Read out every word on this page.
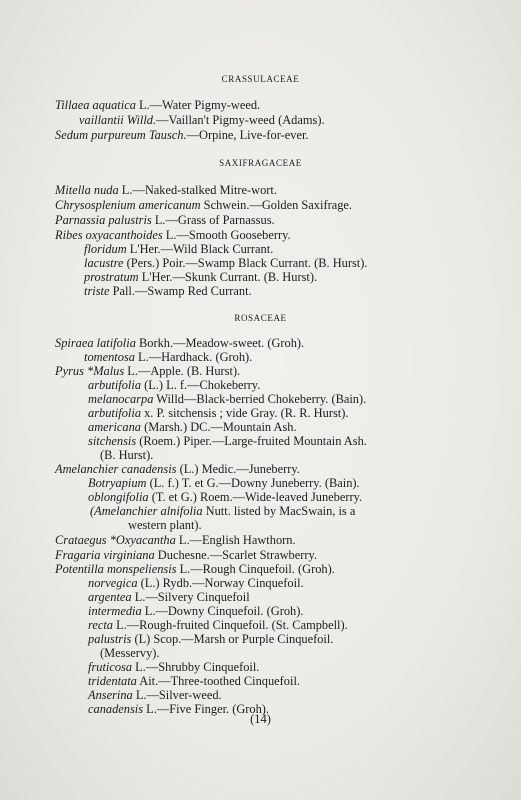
CRASSULACEAE
SAXIFRAGACEAE
ROSACEAE
Tillaea aquatica L.—Water Pigmy-weed.
vaillantii Willd.—Vaillan't Pigmy-weed (Adams).
Sedum purpureum Tausch.—Orpine, Live-for-ever.
Mitella nuda L.—Naked-stalked Mitre-wort.
Chrysosplenium americanum Schwein.—Golden Saxifrage.
Parnassia palustris L.—Grass of Parnassus.
Ribes oxyacanthoides L.—Smooth Gooseberry.
floridum L'Her.—Wild Black Currant.
lacustre (Pers.) Poir.—Swamp Black Currant. (B. Hurst).
prostratum L'Her.—Skunk Currant. (B. Hurst).
triste Pall.—Swamp Red Currant.
Spiraea latifolia Borkh.—Meadow-sweet. (Groh).
tomentosa L.—Hardhack. (Groh).
Pyrus *Malus L.—Apple. (B. Hurst).
arbutifolia (L.) L. f.—Chokeberry.
melanocarpa Willd—Black-berried Chokeberry. (Bain).
arbutifolia x. P. sitchensis ; vide Gray. (R. R. Hurst).
americana (Marsh.) DC.—Mountain Ash.
sitchensis (Roem.) Piper.—Large-fruited Mountain Ash.
(B. Hurst).
Amelanchier canadensis (L.) Medic.—Juneberry.
Botryapium (L. f.) T. et G.—Downy Juneberry. (Bain).
oblongifolia (T. et G.) Roem.—Wide-leaved Juneberry.
(Amelanchier alnifolia Nutt. listed by MacSwain, is a
western plant).
Crataegus *Oxyacantha L.—English Hawthorn.
Fragaria virginiana Duchesne.—Scarlet Strawberry.
Potentilla monspeliensis L.—Rough Cinquefoil. (Groh).
norvegica (L.) Rydb.—Norway Cinquefoil.
argentea L.—Silvery Cinquefoil
intermedia L.—Downy Cinquefoil. (Groh).
recta L.—Rough-fruited Cinquefoil. (St. Campbell).
palustris (L) Scop.—Marsh or Purple Cinquefoil.
(Messervy).
fruticosa L.—Shrubby Cinquefoil.
tridentata Ait.—Three-toothed Cinquefoil.
Anserina L.—Silver-weed.
canadensis L.—Five Finger. (Groh).
(14)
